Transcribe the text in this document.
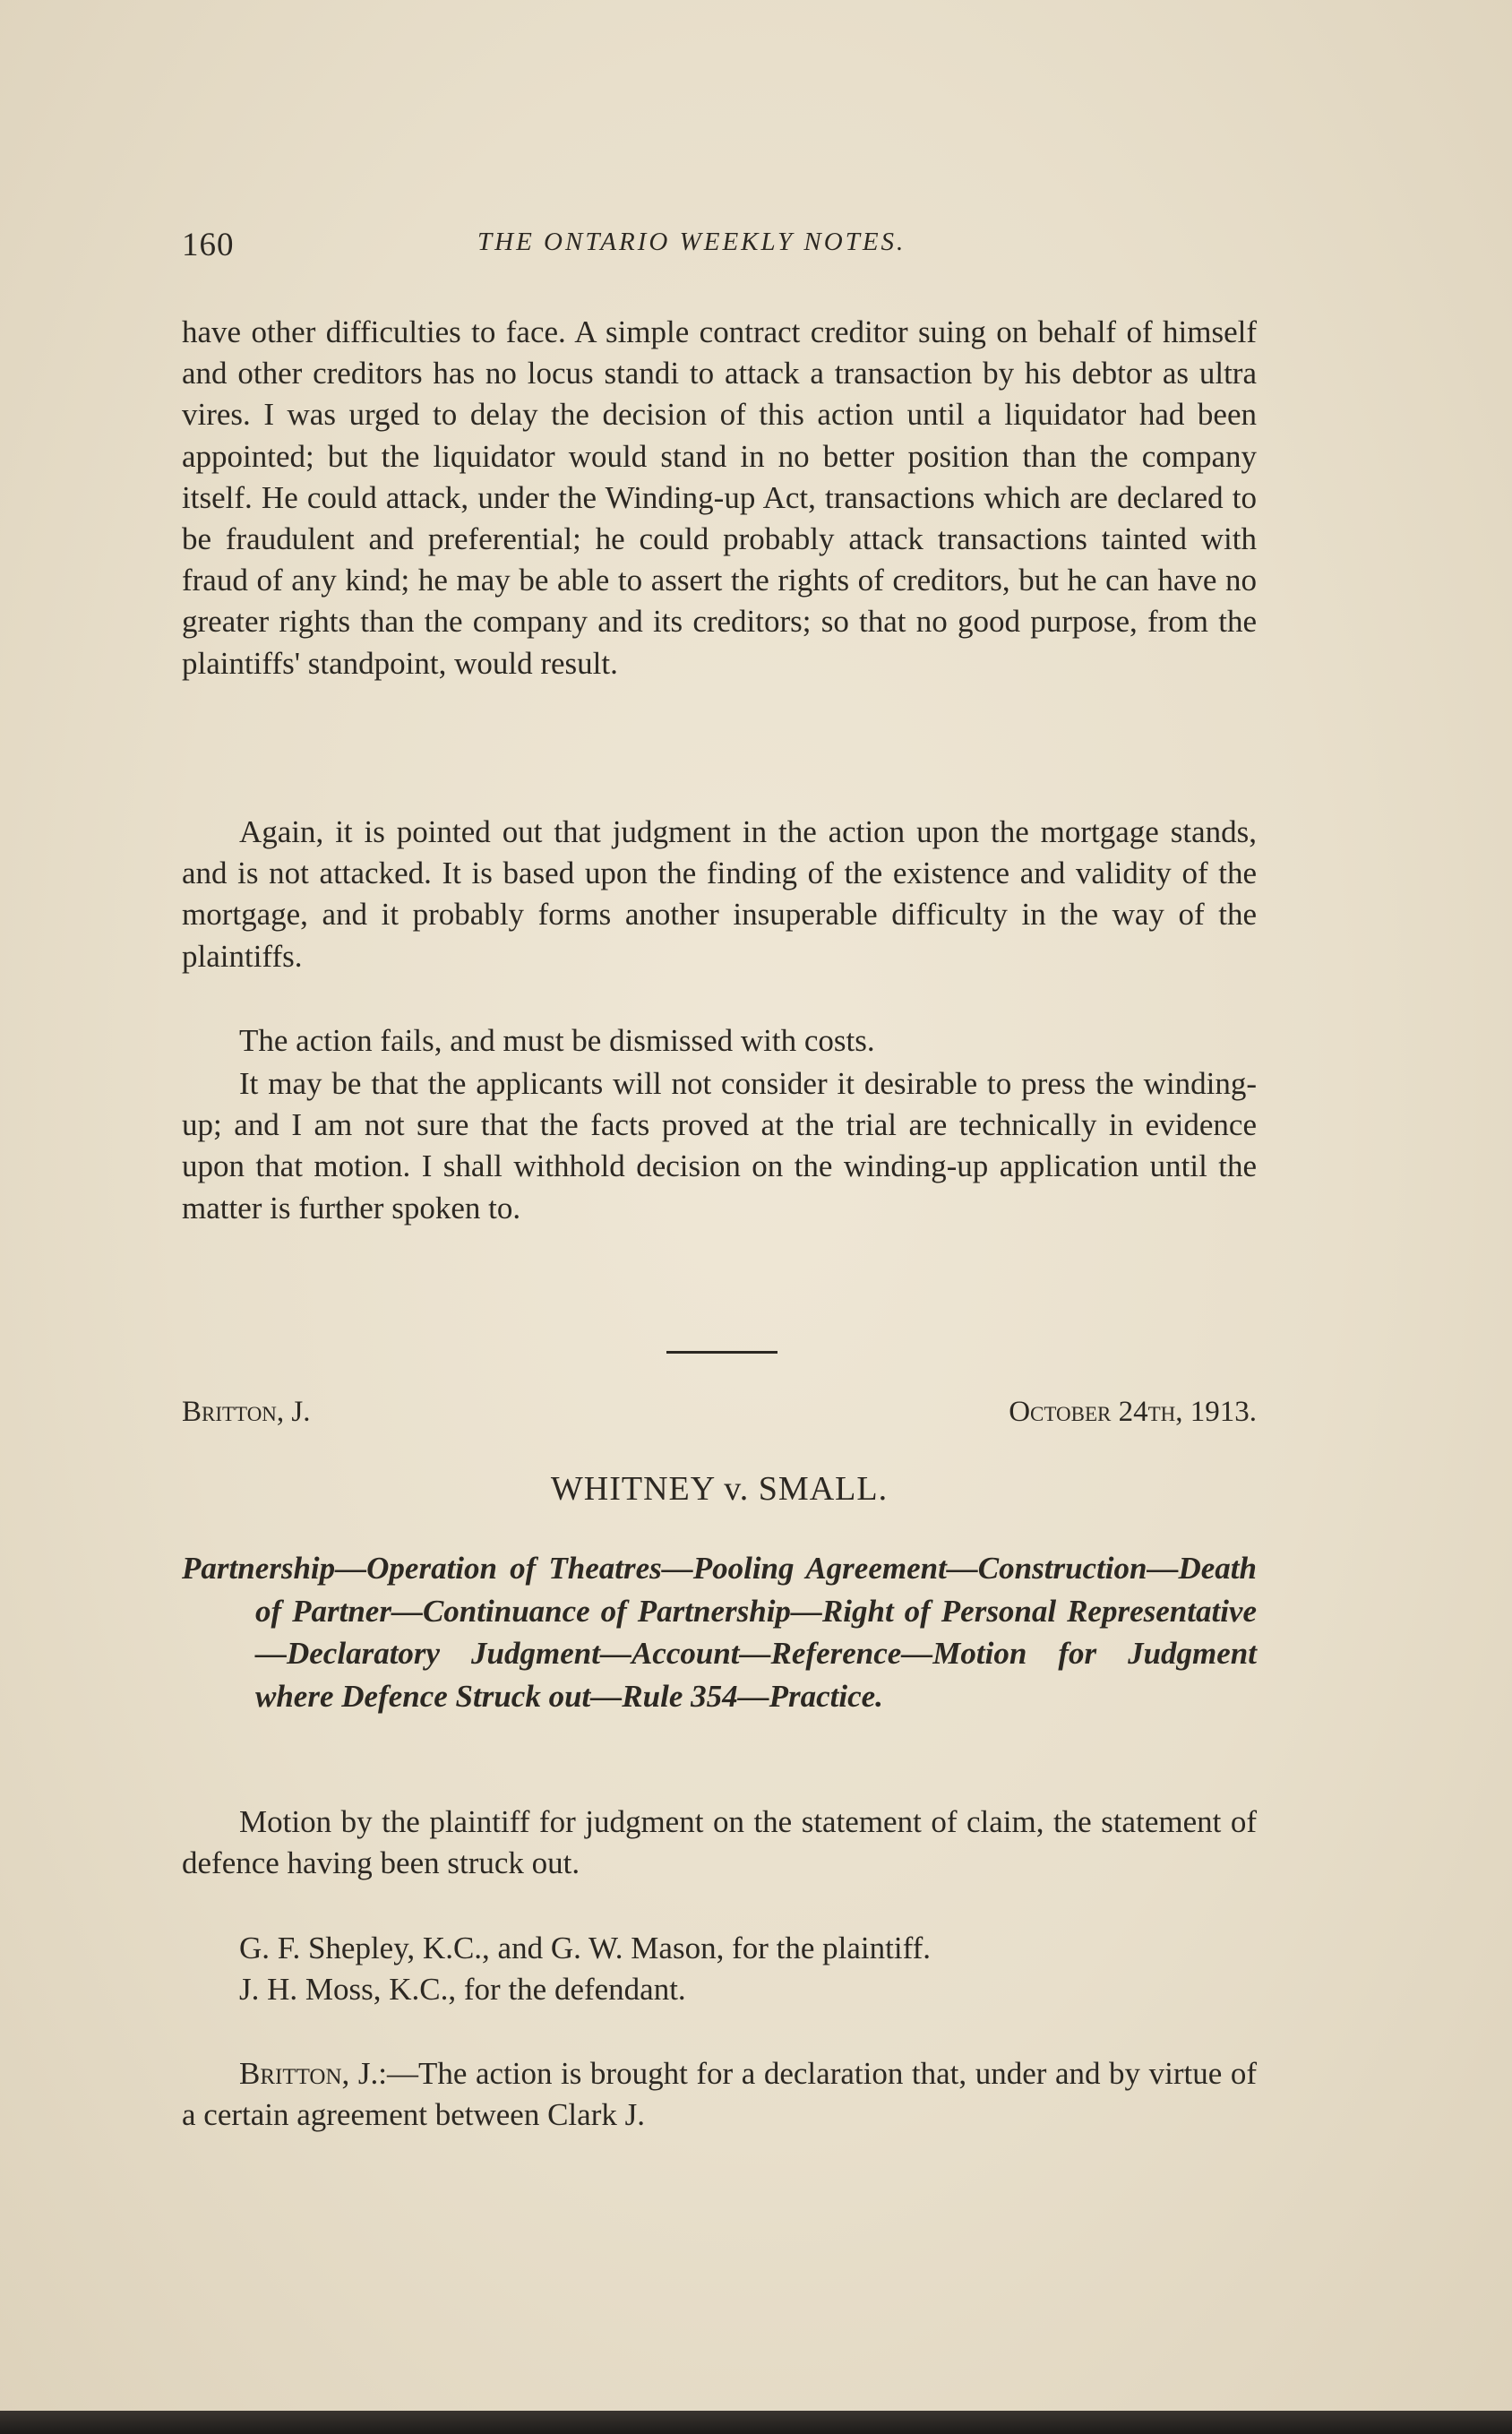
160	THE ONTARIO WEEKLY NOTES.

have other difficulties to face. A simple contract creditor suing on behalf of himself and other creditors has no locus standi to attack a transaction by his debtor as ultra vires. I was urged to delay the decision of this action until a liquidator had been appointed; but the liquidator would stand in no better position than the company itself. He could attack, under the Winding-up Act, transactions which are declared to be fraudulent and preferential; he could probably attack transactions tainted with fraud of any kind; he may be able to assert the rights of creditors, but he can have no greater rights than the company and its creditors; so that no good purpose, from the plaintiffs' standpoint, would result.

Again, it is pointed out that judgment in the action upon the mortgage stands, and is not attacked. It is based upon the finding of the existence and validity of the mortgage, and it probably forms another insuperable difficulty in the way of the plaintiffs.

The action fails, and must be dismissed with costs.

It may be that the applicants will not consider it desirable to press the winding-up; and I am not sure that the facts proved at the trial are technically in evidence upon that motion. I shall withhold decision on the winding-up application until the matter is further spoken to.

Britton, J.	October 24th, 1913.
WHITNEY v. SMALL.

Partnership—Operation of Theatres—Pooling Agreement—Construction—Death of Partner—Continuance of Partnership—Right of Personal Representative—Declaratory Judgment—Account—Reference—Motion for Judgment where Defence Struck out—Rule 354—Practice.

Motion by the plaintiff for judgment on the statement of claim, the statement of defence having been struck out.

G. F. Shepley, K.C., and G. W. Mason, for the plaintiff.

J. H. Moss, K.C., for the defendant.

Britton, J.:—The action is brought for a declaration that, under and by virtue of a certain agreement between Clark J.
